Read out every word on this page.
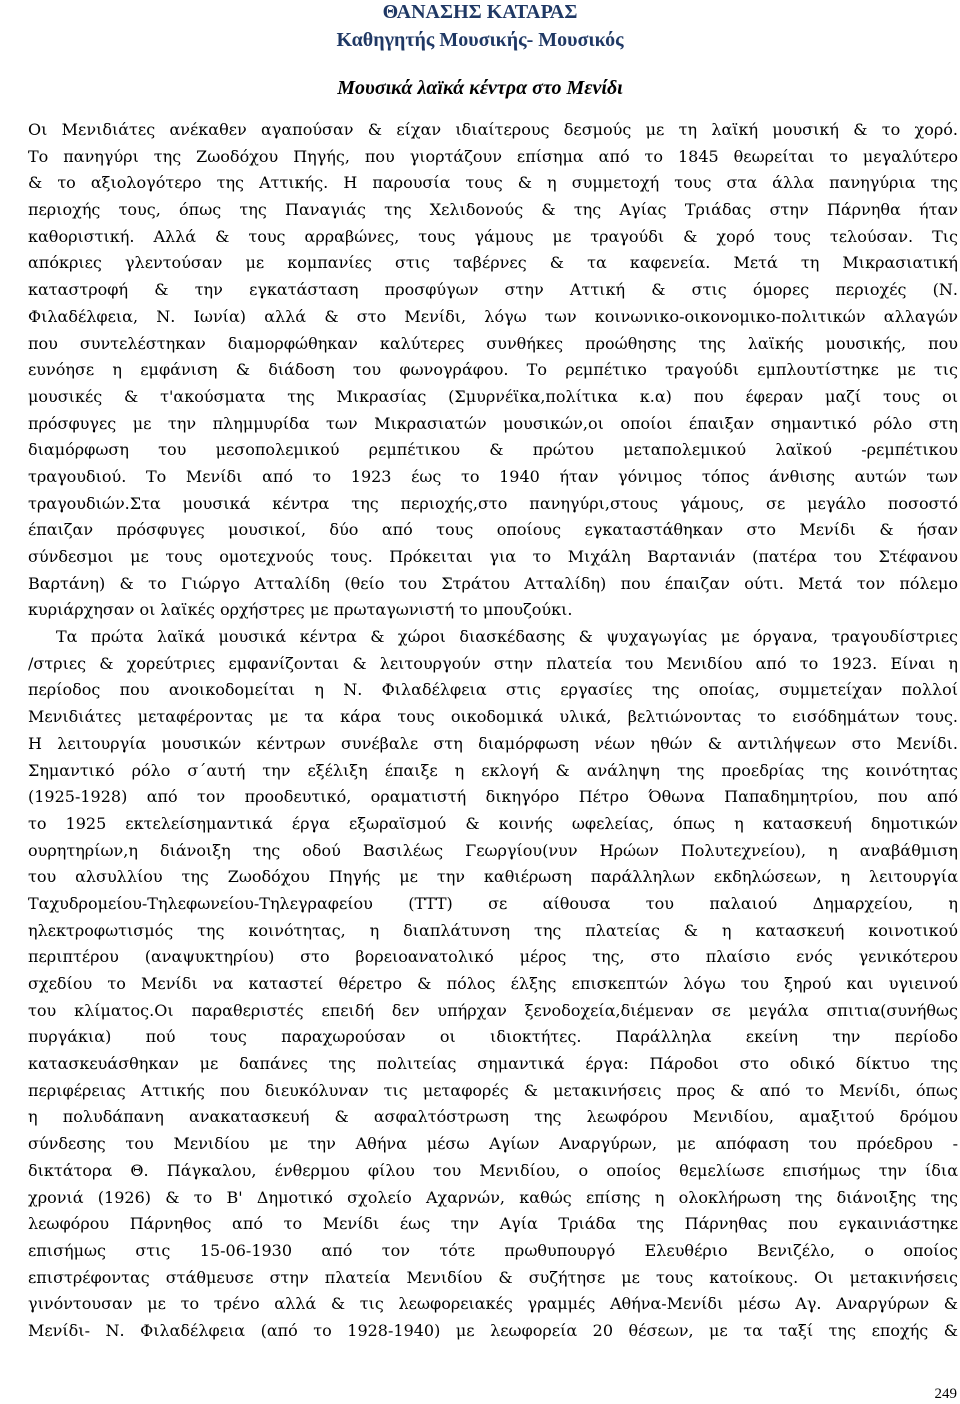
ΘΑΝΑΣΗΣ ΚΑΤΑΡΑΣ
Καθηγητής Μουσικής- Μουσικός
Μουσικά λαϊκά κέντρα στο Μενίδι
Οι Μενιδιάτες ανέκαθεν αγαπούσαν & είχαν ιδιαίτερους δεσμούς με τη λαϊκή μουσική & το χορό.
Το πανηγύρι της Ζωοδόχου Πηγής, που γιορτάζουν επίσημα από το 1845 θεωρείται το μεγαλύτερο
& το αξιολογότερο της Αττικής. Η παρουσία τους & η συμμετοχή τους στα άλλα πανηγύρια της
περιοχής τους, όπως της Παναγιάς της Χελιδονούς & της Αγίας Τριάδας στην Πάρνηθα ήταν
καθοριστική. Αλλά & τους αρραβώνες, τους γάμους με τραγούδι & χορό τους τελούσαν. Τις
απόκριες γλεντούσαν με κομπανίες στις ταβέρνες & τα καφενεία. Μετά τη Μικρασιατική
καταστροφή & την εγκατάσταση προσφύγων στην Αττική & στις όμορες περιοχές (Ν.
Φιλαδέλφεια, Ν. Ιωνία) αλλά & στο Μενίδι, λόγω των κοινωνικο-οικονομικο-πολιτικών αλλαγών
που συντελέστηκαν διαμορφώθηκαν καλύτερες συνθήκες προώθησης της λαϊκής μουσικής, που
ευνόησε η εμφάνιση & διάδοση του φωνογράφου. Το ρεμπέτικο τραγούδι εμπλουτίστηκε με τις
μουσικές & τ'ακούσματα της Μικρασίας (Σμυρνέϊκα,πολίτικα κ.α) που έφεραν μαζί τους οι
πρόσφυγες με την πλημμυρίδα των Μικρασιατών μουσικών,οι οποίοι έπαιξαν σημαντικό ρόλο στη
διαμόρφωση του μεσοπολεμικού ρεμπέτικου & πρώτου μεταπολεμικού λαϊκού -ρεμπέτικου
τραγουδιού. Το Μενίδι από το 1923 έως το 1940 ήταν γόνιμος τόπος άνθισης αυτών των
τραγουδιών.Στα μουσικά κέντρα της περιοχής,στο πανηγύρι,στους γάμους, σε μεγάλο ποσοστό
έπαιζαν πρόσφυγες μουσικοί, δύο από τους οποίους εγκαταστάθηκαν στο Μενίδι & ήσαν
σύνδεσμοι με τους ομοτεχνούς τους. Πρόκειται για το Μιχάλη Βαρτανιάν (πατέρα του Στέφανου
Βαρτάνη) & το Γιώργο Ατταλίδη (θείο του Στράτου Ατταλίδη) που έπαιζαν ούτι. Μετά τον πόλεμο
κυριάρχησαν οι λαϊκές ορχήστρες με πρωταγωνιστή το μπουζούκι.
Τα πρώτα λαϊκά μουσικά κέντρα & χώροι διασκέδασης & ψυχαγωγίας με όργανα, τραγουδίστριες
/στριες & χορεύτριες εμφανίζονται & λειτουργούν στην πλατεία του Μενιδίου από το 1923. Είναι η
περίοδος που ανοικοδομείται η Ν. Φιλαδέλφεια στις εργασίες της οποίας, συμμετείχαν πολλοί
Μενιδιάτες μεταφέροντας με τα κάρα τους οικοδομικά υλικά, βελτιώνοντας το εισόδημάτων τους.
Η λειτουργία μουσικών κέντρων συνέβαλε στη διαμόρφωση νέων ηθών & αντιλήψεων στο Μενίδι.
Σημαντικό ρόλο σ΄αυτή την εξέλιξη έπαιξε η εκλογή & ανάληψη της προεδρίας της κοινότητας
(1925-1928) από τον προοδευτικό, οραματιστή δικηγόρο Πέτρο Όθωνα Παπαδημητρίου, που από
το 1925 εκτελείσημαντικά έργα εξωραϊσμού & κοινής ωφελείας, όπως η κατασκευή δημοτικών
ουρητηρίων,η διάνοιξη της οδού Βασιλέως Γεωργίου(νυν Ηρώων Πολυτεχνείου), η αναβάθμιση
του αλσυλλίου της Ζωοδόχου Πηγής με την καθιέρωση παράλληλων εκδηλώσεων, η λειτουργία
Ταχυδρομείου-Τηλεφωνείου-Τηλεγραφείου (ΤΤΤ) σε αίθουσα του παλαιού Δημαρχείου, η
ηλεκτροφωτισμός της κοινότητας, η διαπλάτυνση της πλατείας & η κατασκευή κοινοτικού
περιπτέρου (αναψυκτηρίου) στο βορειοανατολικό μέρος της, στο πλαίσιο ενός γενικότερου
σχεδίου το Μενίδι να καταστεί θέρετρο & πόλος έλξης επισκεπτών λόγω του ξηρού και υγιεινού
του κλίματος.Οι παραθεριστές επειδή δεν υπήρχαν ξενοδοχεία,διέμεναν σε μεγάλα σπιτια(συνήθως
πυργάκια) πού τους παραχωρούσαν οι ιδιοκτήτες. Παράλληλα εκείνη την περίοδο
κατασκευάσθηκαν με δαπάνες της πολιτείας σημαντικά έργα: Πάροδοι στο οδικό δίκτυο της
περιφέρειας Αττικής που διευκόλυναν τις μεταφορές & μετακινήσεις προς & από το Μενίδι, όπως
η πολυδάπανη ανακατασκευή & ασφαλτόστρωση της λεωφόρου Μενιδίου, αμαξιτού δρόμου
σύνδεσης του Μενιδίου με την Αθήνα μέσω Αγίων Αναργύρων, με απόφαση του πρόεδρου -
δικτάτορα Θ. Πάγκαλου, ένθερμου φίλου του Μενιδίου, ο οποίος θεμελίωσε επισήμως την ίδια
χρονιά (1926) & το Β' Δημοτικό σχολείο Αχαρνών, καθώς επίσης η ολοκλήρωση της διάνοιξης της
λεωφόρου Πάρνηθος από το Μενίδι έως την Αγία Τριάδα της Πάρνηθας που εγκαινιάστηκε
επισήμως στις 15-06-1930 από τον τότε πρωθυπουργό Ελευθέριο Βενιζέλο, ο οποίος
επιστρέφοντας στάθμευσε στην πλατεία Μενιδίου & συζήτησε με τους κατοίκους. Οι μετακινήσεις
γινόντουσαν με το τρένο αλλά & τις λεωφορειακές γραμμές Αθήνα-Μενίδι μέσω Αγ. Αναργύρων &
Μενίδι- Ν. Φιλαδέλφεια (από το 1928-1940) με λεωφορεία 20 θέσεων, με τα ταξί της εποχής &
249
